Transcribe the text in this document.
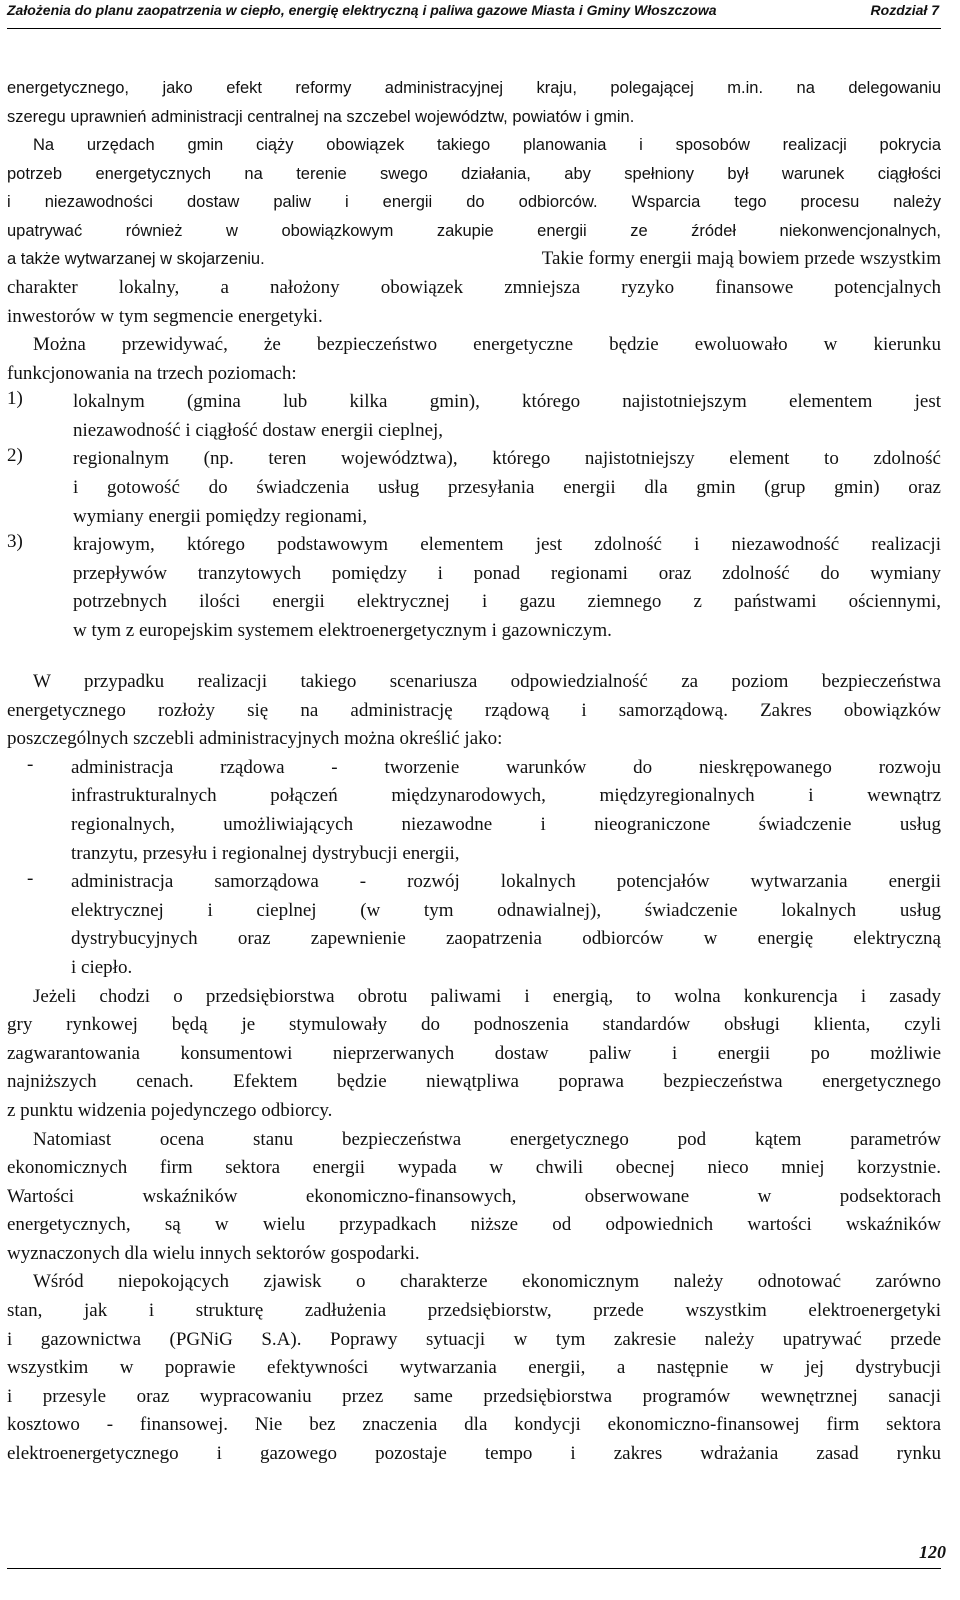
Założenia do planu zaopatrzenia w ciepło, energię elektryczną i paliwa gazowe Miasta i Gminy Włoszczowa	Rozdział 7
energetycznego, jako efekt reformy administracyjnej kraju, polegającej m.in. na delegowaniu
szeregu uprawnień administracji centralnej na szczebel województw, powiatów i gmin.
Na urzędach gmin ciąży obowiązek takiego planowania i sposobów realizacji pokrycia
potrzeb energetycznych na terenie swego działania, aby spełniony był warunek ciągłości
i niezawodności dostaw paliw i energii do odbiorców. Wsparcia tego procesu należy
upatrywać również w obowiązkowym zakupie energii ze źródeł niekonwencjonalnych,
a także wytwarzanej w skojarzeniu.	Takie formy energii mają bowiem przede wszystkim
charakter lokalny, a nałożony obowiązek zmniejsza ryzyko finansowe potencjalnych
inwestorów w tym segmencie energetyki.
Można przewidywać, że bezpieczeństwo energetyczne będzie ewoluowało w kierunku
funkcjonowania na trzech poziomach:
1)	lokalnym (gmina lub kilka gmin), którego najistotniejszym elementem jest
niezawodność i ciągłość dostaw energii cieplnej,
2)	regionalnym (np. teren województwa), którego najistotniejszy element to zdolność
i gotowość do świadczenia usług przesyłania energii dla gmin (grup gmin) oraz
wymiany energii pomiędzy regionami,
3)	krajowym, którego podstawowym elementem jest zdolność i niezawodność realizacji
przepływów tranzytowych pomiędzy i ponad regionami oraz zdolność do wymiany
potrzebnych ilości energii elektrycznej i gazu ziemnego z państwami ościennymi,
w tym z europejskim systemem elektroenergetycznym i gazowniczym.
W przypadku realizacji takiego scenariusza odpowiedzialność za poziom bezpieczeństwa
energetycznego rozłoży się na administrację rządową i samorządową. Zakres obowiązków
poszczególnych szczebli administracyjnych można określić jako:
- administracja rządowa - tworzenie warunków do nieskrępowanego rozwoju
infrastrukturalnych połączeń międzynarodowych, międzyregionalnych i wewnątrz
regionalnych, umożliwiających niezawodne i nieograniczone świadczenie usług
tranzytu, przesyłu i regionalnej dystrybucji energii,
- administracja samorządowa - rozwój lokalnych potencjałów wytwarzania energii
elektrycznej i cieplnej (w tym odnawialnej), świadczenie lokalnych usług
dystrybucyjnych oraz zapewnienie zaopatrzenia odbiorców w energię elektryczną
i ciepło.
Jeżeli chodzi o przedsiębiorstwa obrotu paliwami i energią, to wolna konkurencja i zasady
gry rynkowej będą je stymulowały do podnoszenia standardów obsługi klienta, czyli
zagwarantowania konsumentowi nieprzerwanych dostaw paliw i energii po możliwie
najniższych cenach. Efektem będzie niewątpliwa poprawa bezpieczeństwa energetycznego
z punktu widzenia pojedynczego odbiorcy.
Natomiast ocena stanu bezpieczeństwa energetycznego pod kątem parametrów
ekonomicznych firm sektora energii wypada w chwili obecnej nieco mniej korzystnie.
Wartości wskaźników ekonomiczno-finansowych, obserwowane w podsektorach
energetycznych, są w wielu przypadkach niższe od odpowiednich wartości wskaźników
wyznaczonych dla wielu innych sektorów gospodarki.
Wśród niepokojących zjawisk o charakterze ekonomicznym należy odnotować zarówno
stan, jak i strukturę zadłużenia przedsiębiorstw, przede wszystkim elektroenergetyki
i gazownictwa (PGNiG S.A). Poprawy sytuacji w tym zakresie należy upatrywać przede
wszystkim w poprawie efektywności wytwarzania energii, a następnie w jej dystrybucji
i przesyle oraz wypracowaniu przez same przedsiębiorstwa programów wewnętrznej sanacji
kosztowo - finansowej. Nie bez znaczenia dla kondycji ekonomiczno-finansowej firm sektora
elektroenergetycznego i gazowego pozostaje tempo i zakres wdrażania zasad rynku
120
